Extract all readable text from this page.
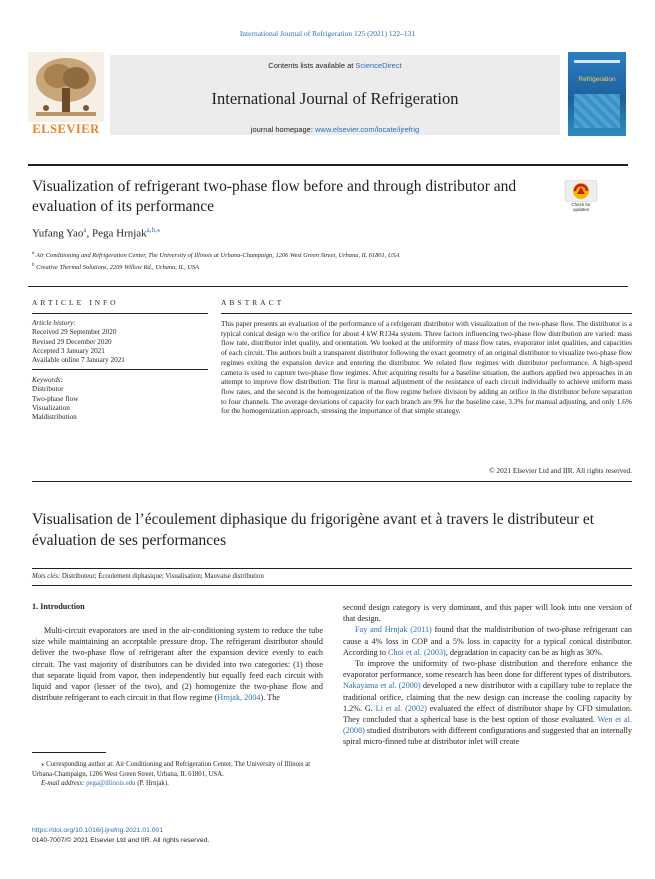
International Journal of Refrigeration 125 (2021) 122–131
ELSEVIER
Contents lists available at ScienceDirect
International Journal of Refrigeration
journal homepage: www.elsevier.com/locate/ijrefrig
Refrigeration
Visualization of refrigerant two-phase flow before and through distributor and evaluation of its performance	Check for updates
Yufang Yao$^a$, Pega Hrnjak$^{a,b,⁎}$
$^a$ Air Conditioning and Refrigeration Center, The University of Illinois at Urbana-Champaign, 1206 West Green Street, Urbana, IL 61801, USA
$^b$ Creative Thermal Solutions, 2209 Willow Rd., Urbana, IL, USA
ARTICLE INFO	ABSTRACT
Article history:
Received 29 September 2020
Revised 29 December 2020
Accepted 3 January 2021
Available online 7 January 2021
Keywords:
Distributor
Two-phase flow
Visualization
Maldistribution
This paper presents an evaluation of the performance of a refrigerant distributor with visualization of the two-phase flow. The distributor is a typical conical design w/o the orifice for about 4 kW R134a system. Three factors influencing two-phase flow distribution are varied: mass flow rate, distributor inlet quality, and orientation. We looked at the uniformity of mass flow rates, evaporator inlet qualities, and capacities of each circuit. The authors built a transparent distributor following the exact geometry of an original distributor to visualize two-phase flow regimes exiting the expansion device and entering the distributor. We related flow regimes with distributor performance. A high-speed camera is used to capture two-phase flow regimes. After acquiring results for a baseline situation, the authors applied two approaches in an attempt to improve flow distribution: The first is manual adjustment of the resistance of each circuit individually to achieve uniform mass flow rates, and the second is the homogenization of the flow regime before division by adding an orifice in the distributor before separation to four channels. The average deviations of capacity for each branch are 9% for the baseline case, 3.3% for manual adjusting, and only 1.6% for the homogenization approach, stressing the importance of that simple strategy.
© 2021 Elsevier Ltd and IIR. All rights reserved.
Visualisation de l’écoulement diphasique du frigorigène avant et à travers le distributeur et évaluation de ses performances
Mots clés: Distributeur; Écoulement diphasique; Visualisation; Mauvaise distribution
1. Introduction

Multi-circuit evaporators are used in the air-conditioning system to reduce the tube size while maintaining an acceptable pressure drop. The refrigerant distributor should deliver the two-phase flow of refrigerant after the expansion device evenly to each circuit. The vast majority of distributors can be divided into two categories: (1) those that separate liquid from vapor, then independently but equally feed each circuit with liquid and vapor (lesser of the two), and (2) homogenize the two-phase flow and distribute refrigerant to each circuit in that flow regime (Hrnjak, 2004). The

second design category is very dominant, and this paper will look into one version of that design.

Fay and Hrnjak (2011) found that the maldistribution of two-phase refrigerant can cause a 4% loss in COP and a 5% loss in capacity for a typical conical distributor. According to Choi et al. (2003), degradation in capacity can be as high as 30%.

To improve the uniformity of two-phase distribution and therefore enhance the evaporator performance, some research has been done for different types of distributors. Nakayama et al. (2000) developed a new distributor with a capillary tube to replace the traditional orifice, claiming that the new design can increase the cooling capacity by 1.2%. G. Li et al. (2002) evaluated the effect of distributor shape by CFD simulation. They concluded that a spherical base is the best option of those evaluated. Wen et al. (2008) studied distributors with different configurations and suggested that an internally spiral micro-finned tube at distributor inlet will create

⁎ Corresponding author at: Air Conditioning and Refrigeration Center, The University of Illinois at Urbana-Champaign, 1206 West Green Street, Urbana, IL 61801, USA.

E-mail address: pega@illinois.edu (P. Hrnjak).

https://doi.org/10.1016/j.ijrefrig.2021.01.001
0140-7007/© 2021 Elsevier Ltd and IIR. All rights reserved.
